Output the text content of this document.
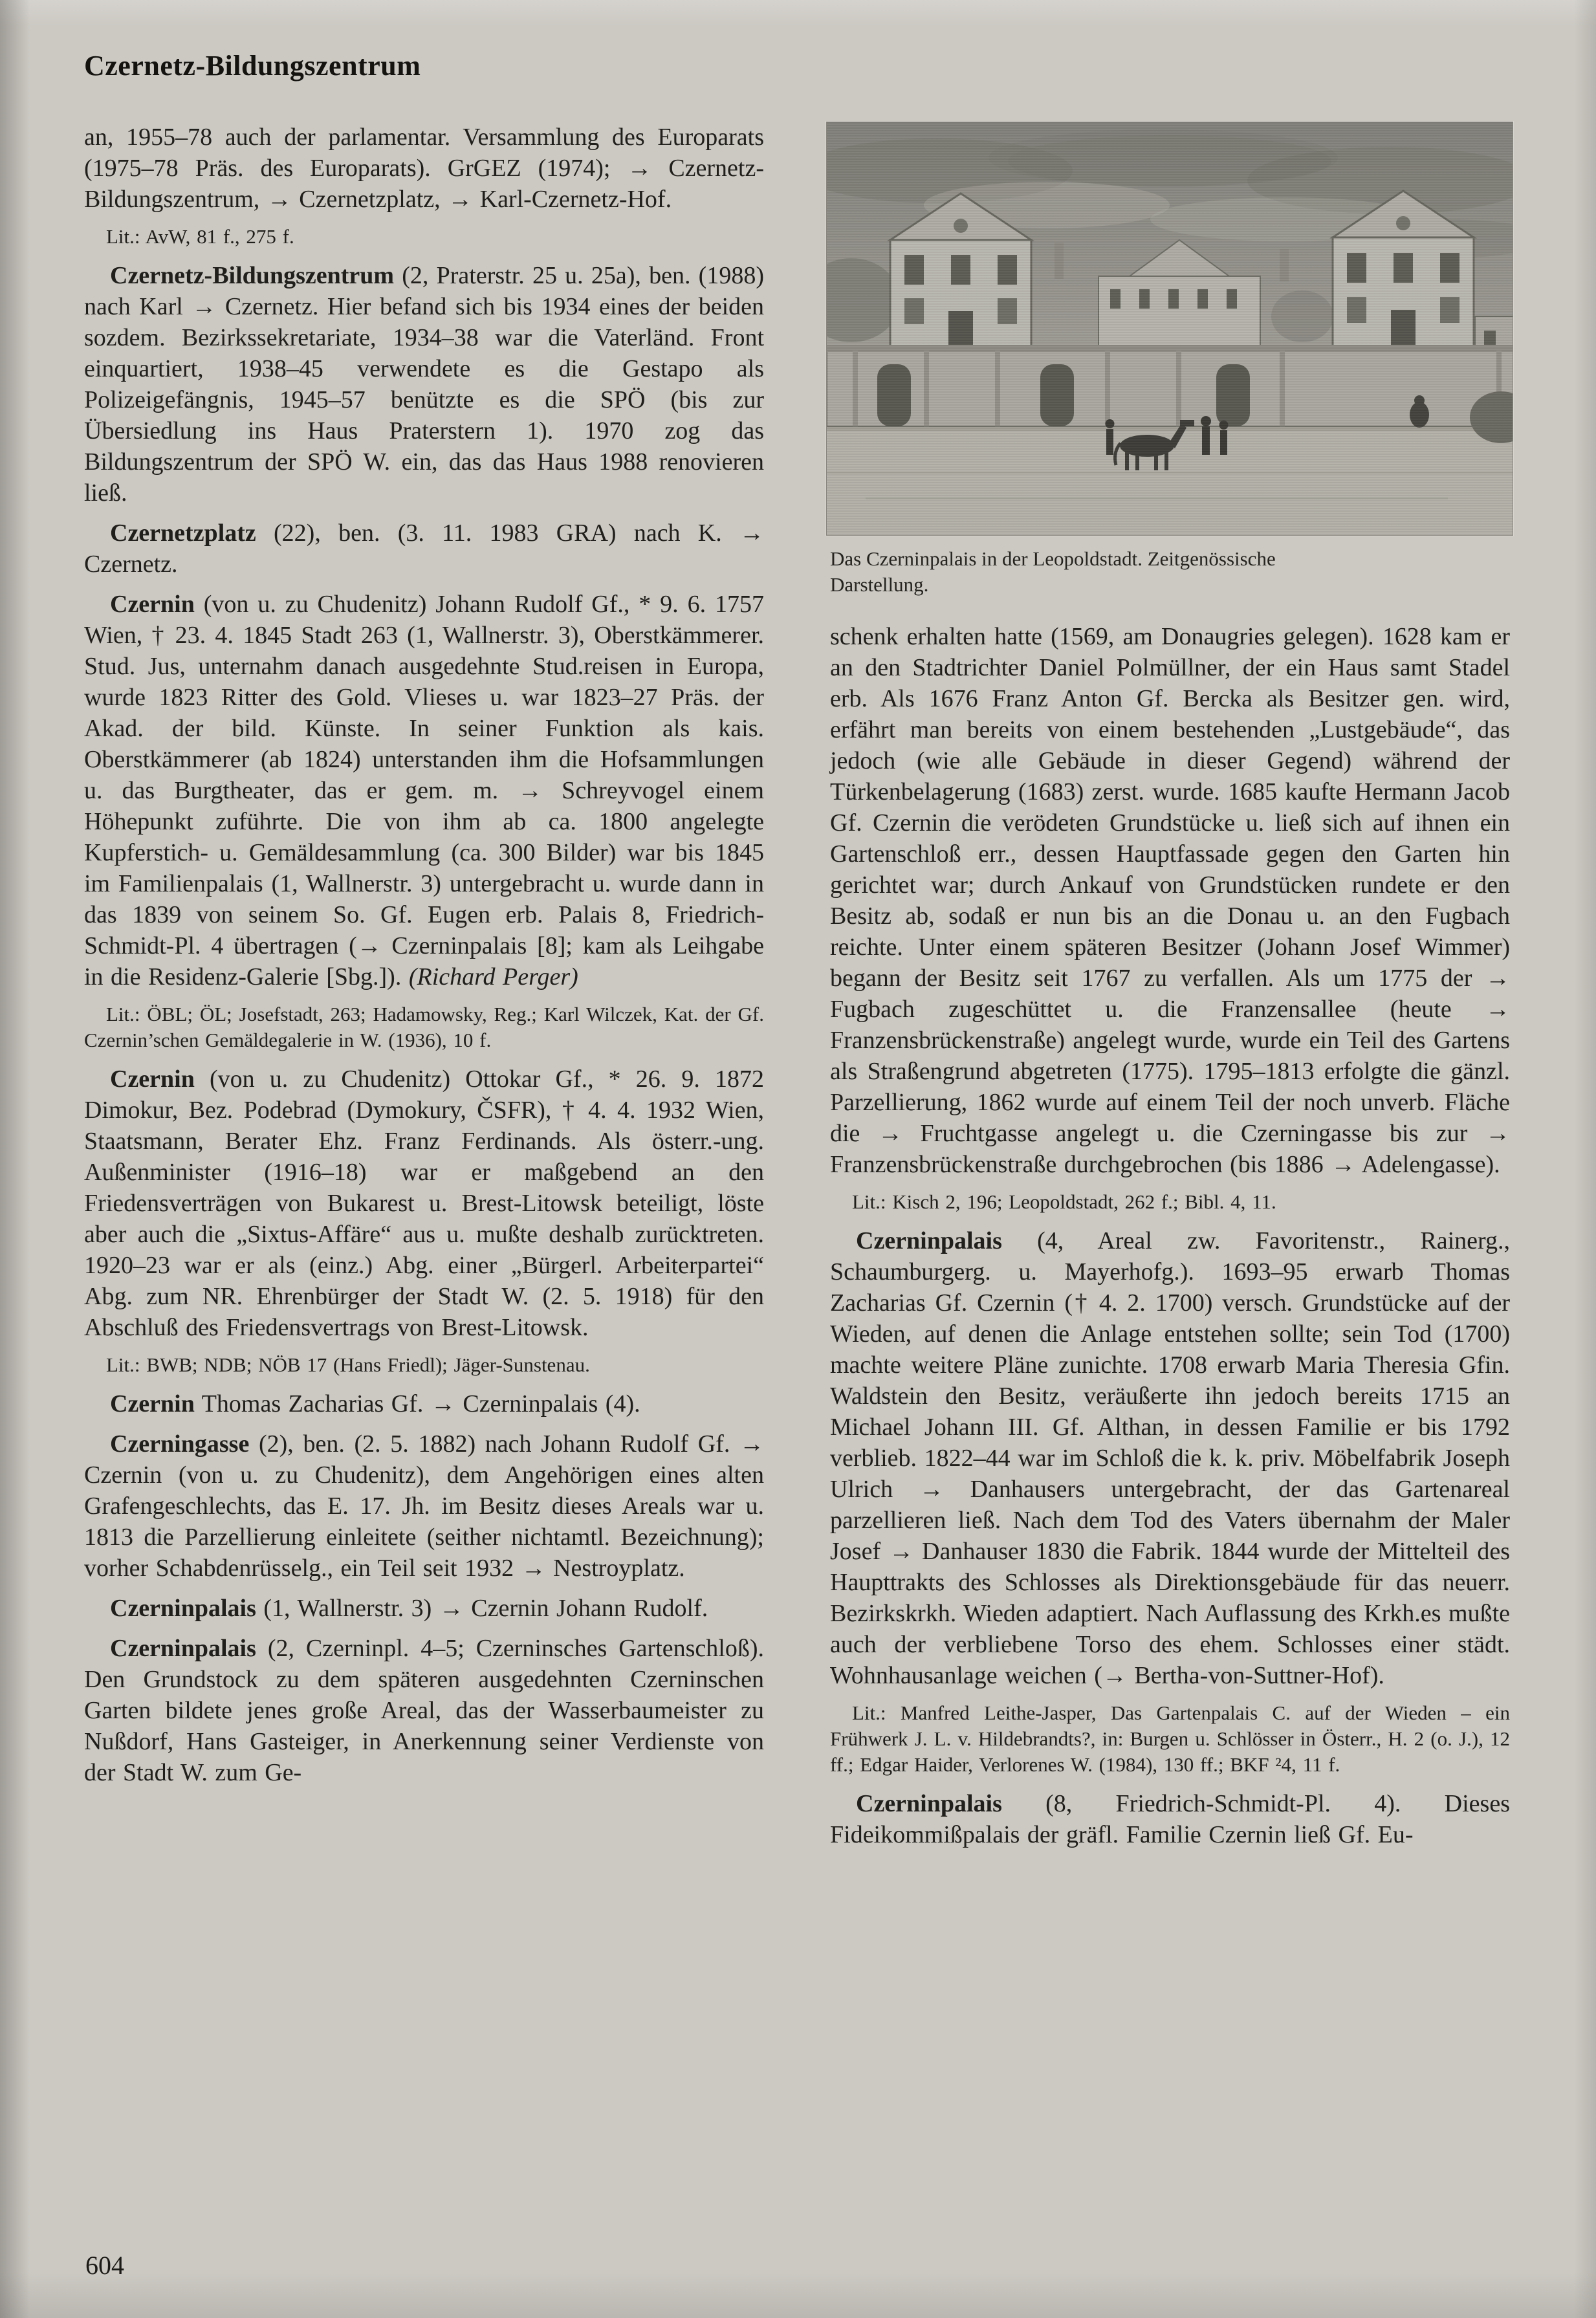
Czernetz-Bildungszentrum

an, 1955–78 auch der parlamentar. Versammlung des Europarats (1975–78 Präs. des Europarats). GrGEZ (1974); → Czernetz-Bildungszentrum, → Czernetzplatz, → Karl-Czernetz-Hof.

Lit.: AvW, 81 f., 275 f.

Czernetz-Bildungszentrum (2, Praterstr. 25 u. 25a), ben. (1988) nach Karl → Czernetz. Hier befand sich bis 1934 eines der beiden sozdem. Bezirkssekretariate, 1934–38 war die Vaterländ. Front einquartiert, 1938–45 verwendete es die Gestapo als Polizeigefängnis, 1945–57 benützte es die SPÖ (bis zur Übersiedlung ins Haus Praterstern 1). 1970 zog das Bildungszentrum der SPÖ W. ein, das das Haus 1988 renovieren ließ.

Czernetzplatz (22), ben. (3. 11. 1983 GRA) nach K. → Czernetz.

Czernin (von u. zu Chudenitz) Johann Rudolf Gf., * 9. 6. 1757 Wien, † 23. 4. 1845 Stadt 263 (1, Wallnerstr. 3), Oberstkämmerer. Stud. Jus, unternahm danach ausgedehnte Stud.reisen in Europa, wurde 1823 Ritter des Gold. Vlieses u. war 1823–27 Präs. der Akad. der bild. Künste. In seiner Funktion als kais. Oberstkämmerer (ab 1824) unterstanden ihm die Hofsammlungen u. das Burgtheater, das er gem. m. → Schreyvogel einem Höhepunkt zuführte. Die von ihm ab ca. 1800 angelegte Kupferstich- u. Gemäldesammlung (ca. 300 Bilder) war bis 1845 im Familienpalais (1, Wallnerstr. 3) untergebracht u. wurde dann in das 1839 von seinem So. Gf. Eugen erb. Palais 8, Friedrich-Schmidt-Pl. 4 übertragen (→ Czerninpalais [8]; kam als Leihgabe in die Residenz-Galerie [Sbg.]). (Richard Perger)

Lit.: ÖBL; ÖL; Josefstadt, 263; Hadamowsky, Reg.; Karl Wilczek, Kat. der Gf. Czernin’schen Gemäldegalerie in W. (1936), 10 f.

Czernin (von u. zu Chudenitz) Ottokar Gf., * 26. 9. 1872 Dimokur, Bez. Podebrad (Dymokury, ČSFR), † 4. 4. 1932 Wien, Staatsmann, Berater Ehz. Franz Ferdinands. Als österr.-ung. Außenminister (1916–18) war er maßgebend an den Friedensverträgen von Bukarest u. Brest-Litowsk beteiligt, löste aber auch die „Sixtus-Affäre“ aus u. mußte deshalb zurücktreten. 1920–23 war er als (einz.) Abg. einer „Bürgerl. Arbeiterpartei“ Abg. zum NR. Ehrenbürger der Stadt W. (2. 5. 1918) für den Abschluß des Friedensvertrags von Brest-Litowsk.

Lit.: BWB; NDB; NÖB 17 (Hans Friedl); Jäger-Sunstenau.

Czernin Thomas Zacharias Gf. → Czerninpalais (4).

Czerningasse (2), ben. (2. 5. 1882) nach Johann Rudolf Gf. → Czernin (von u. zu Chudenitz), dem Angehörigen eines alten Grafengeschlechts, das E. 17. Jh. im Besitz dieses Areals war u. 1813 die Parzellierung einleitete (seither nichtamtl. Bezeichnung); vorher Schabdenrüsselg., ein Teil seit 1932 → Nestroyplatz.

Czerninpalais (1, Wallnerstr. 3) → Czernin Johann Rudolf.

Czerninpalais (2, Czerninpl. 4–5; Czerninsches Gartenschloß). Den Grundstock zu dem späteren ausgedehnten Czerninschen Garten bildete jenes große Areal, das der Wasserbaumeister zu Nußdorf, Hans Gasteiger, in Anerkennung seiner Verdienste von der Stadt W. zum Ge-

Das Czerninpalais in der Leopoldstadt. Zeitgenössische
Darstellung.

schenk erhalten hatte (1569, am Donaugries gelegen). 1628 kam er an den Stadtrichter Daniel Polmüllner, der ein Haus samt Stadel erb. Als 1676 Franz Anton Gf. Bercka als Besitzer gen. wird, erfährt man bereits von einem bestehenden „Lustgebäude“, das jedoch (wie alle Gebäude in dieser Gegend) während der Türkenbelagerung (1683) zerst. wurde. 1685 kaufte Hermann Jacob Gf. Czernin die verödeten Grundstücke u. ließ sich auf ihnen ein Gartenschloß err., dessen Hauptfassade gegen den Garten hin gerichtet war; durch Ankauf von Grundstücken rundete er den Besitz ab, sodaß er nun bis an die Donau u. an den Fugbach reichte. Unter einem späteren Besitzer (Johann Josef Wimmer) begann der Besitz seit 1767 zu verfallen. Als um 1775 der → Fugbach zugeschüttet u. die Franzensallee (heute → Franzensbrückenstraße) angelegt wurde, wurde ein Teil des Gartens als Straßengrund abgetreten (1775). 1795–1813 erfolgte die gänzl. Parzellierung, 1862 wurde auf einem Teil der noch unverb. Fläche die → Fruchtgasse angelegt u. die Czerningasse bis zur → Franzensbrückenstraße durchgebrochen (bis 1886 → Adelengasse).

Lit.: Kisch 2, 196; Leopoldstadt, 262 f.; Bibl. 4, 11.

Czerninpalais (4, Areal zw. Favoritenstr., Rainerg., Schaumburgerg. u. Mayerhofg.). 1693–95 erwarb Thomas Zacharias Gf. Czernin († 4. 2. 1700) versch. Grundstücke auf der Wieden, auf denen die Anlage entstehen sollte; sein Tod (1700) machte weitere Pläne zunichte. 1708 erwarb Maria Theresia Gfin. Waldstein den Besitz, veräußerte ihn jedoch bereits 1715 an Michael Johann III. Gf. Althan, in dessen Familie er bis 1792 verblieb. 1822–44 war im Schloß die k. k. priv. Möbelfabrik Joseph Ulrich → Danhausers untergebracht, der das Gartenareal parzellieren ließ. Nach dem Tod des Vaters übernahm der Maler Josef → Danhauser 1830 die Fabrik. 1844 wurde der Mittelteil des Haupttrakts des Schlosses als Direktionsgebäude für das neuerr. Bezirkskrkh. Wieden adaptiert. Nach Auflassung des Krkh.es mußte auch der verbliebene Torso des ehem. Schlosses einer städt. Wohnhausanlage weichen (→ Bertha-von-Suttner-Hof).

Lit.: Manfred Leithe-Jasper, Das Gartenpalais C. auf der Wieden – ein Frühwerk J. L. v. Hildebrandts?, in: Burgen u. Schlösser in Österr., H. 2 (o. J.), 12 ff.; Edgar Haider, Verlorenes W. (1984), 130 ff.; BKF ²4, 11 f.

Czerninpalais (8, Friedrich-Schmidt-Pl. 4). Dieses Fideikommißpalais der gräfl. Familie Czernin ließ Gf. Eu-

604
